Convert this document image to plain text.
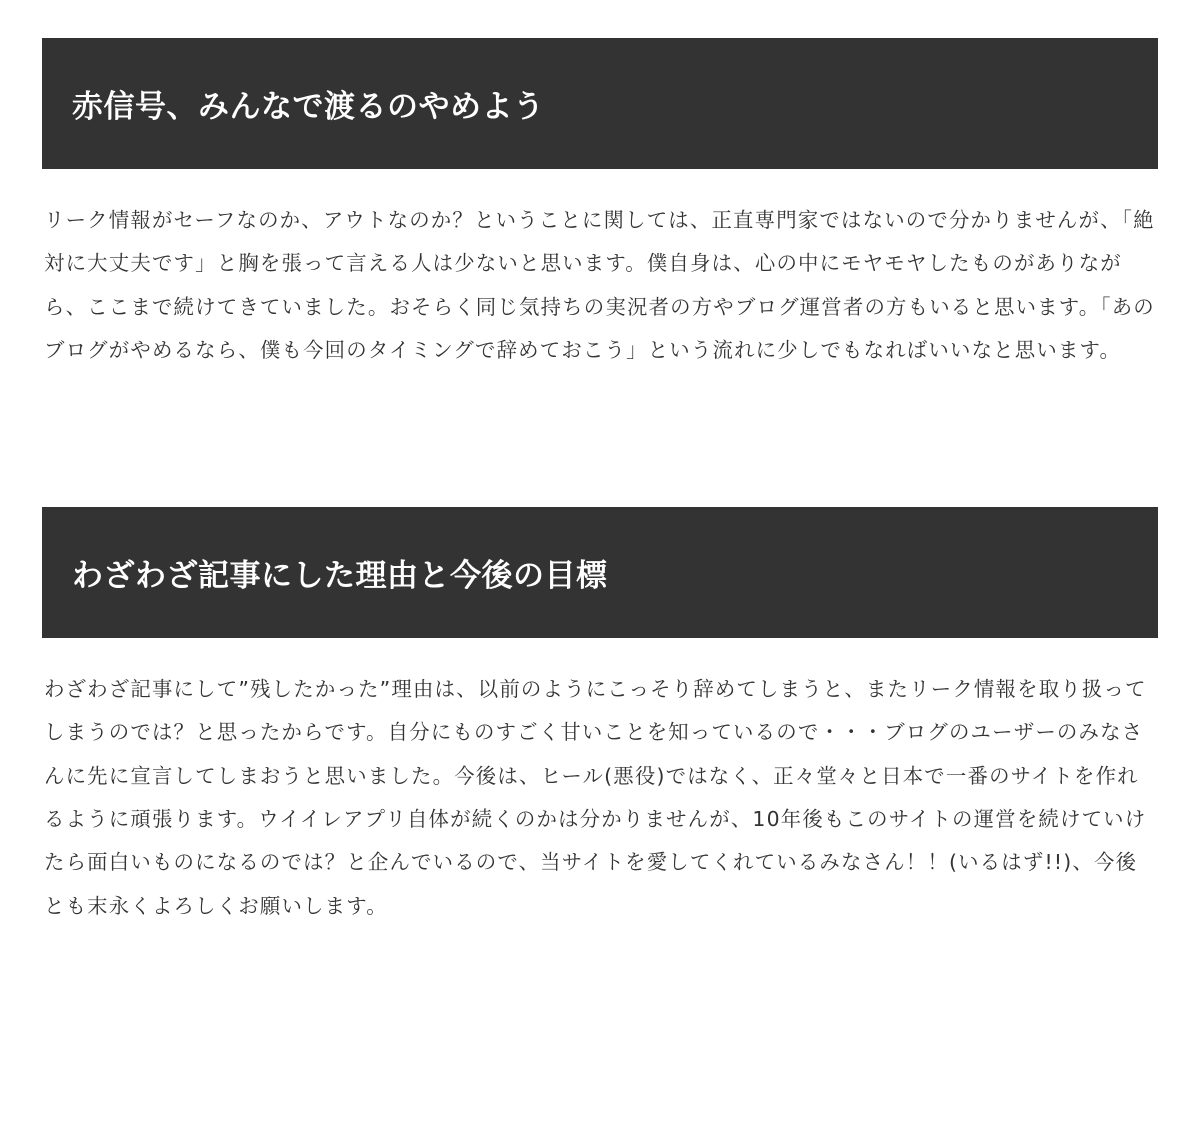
赤信号、みんなで渡るのやめよう

リーク情報がセーフなのか、アウトなのか？ということに関しては、正直専門家ではないので分かりませんが、「絶対に大丈夫です」と胸を張って言える人は少ないと思います。僕自身は、心の中にモヤモヤしたものがありながら、ここまで続けてきていました。おそらく同じ気持ちの実況者の方やブログ運営者の方もいると思います。「あのブログがやめるなら、僕も今回のタイミングで辞めておこう」という流れに少しでもなればいいなと思います。

わざわざ記事にした理由と今後の目標

わざわざ記事にして”残したかった”理由は、以前のようにこっそり辞めてしまうと、またリーク情報を取り扱ってしまうのでは？と思ったからです。自分にものすごく甘いことを知っているので・・・ブログのユーザーのみなさんに先に宣言してしまおうと思いました。今後は、ヒール(悪役)ではなく、正々堂々と日本で一番のサイトを作れるように頑張ります。ウイイレアプリ自体が続くのかは分かりませんが、10年後もこのサイトの運営を続けていけたら面白いものになるのでは？と企んでいるので、当サイトを愛してくれているみなさん！！(いるはず!!)、今後とも末永くよろしくお願いします。
